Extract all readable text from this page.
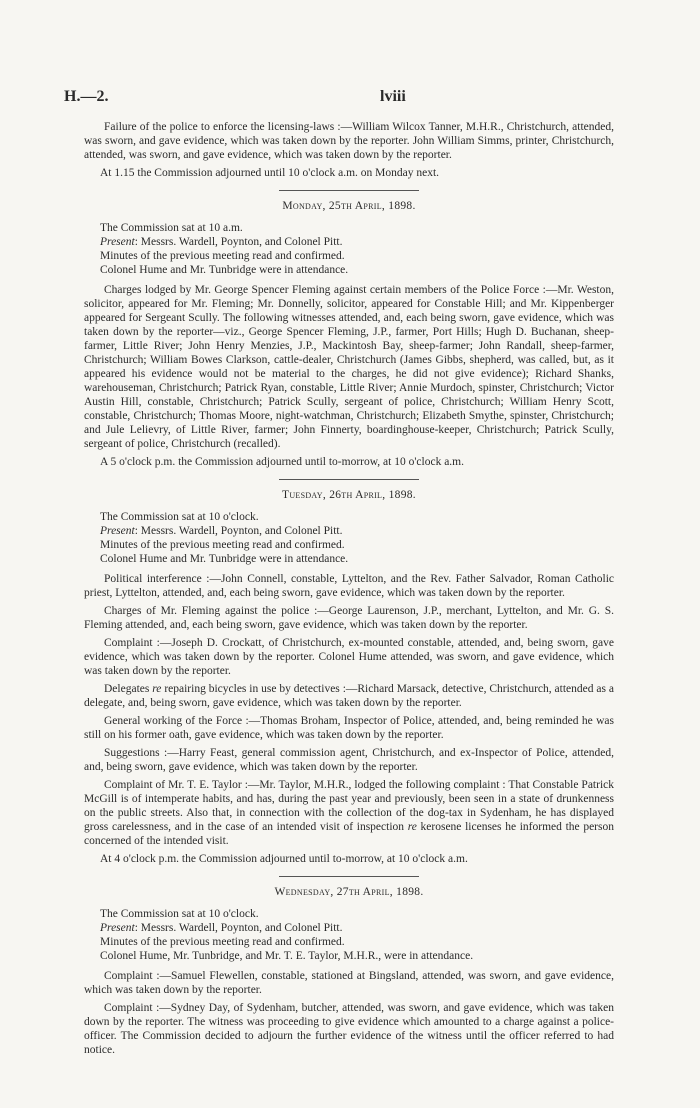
H.—2.	lviii

Failure of the police to enforce the licensing-laws :—William Wilcox Tanner, M.H.R., Christchurch, attended, was sworn, and gave evidence, which was taken down by the reporter. John William Simms, printer, Christchurch, attended, was sworn, and gave evidence, which was taken down by the reporter.

At 1.15 the Commission adjourned until 10 o'clock a.m. on Monday next.

Monday, 25th April, 1898.

The Commission sat at 10 a.m.

Present: Messrs. Wardell, Poynton, and Colonel Pitt.

Minutes of the previous meeting read and confirmed.

Colonel Hume and Mr. Tunbridge were in attendance.

Charges lodged by Mr. George Spencer Fleming against certain members of the Police Force :—Mr. Weston, solicitor, appeared for Mr. Fleming; Mr. Donnelly, solicitor, appeared for Constable Hill; and Mr. Kippenberger appeared for Sergeant Scully. The following witnesses attended, and, each being sworn, gave evidence, which was taken down by the reporter—viz., George Spencer Fleming, J.P., farmer, Port Hills; Hugh D. Buchanan, sheep-farmer, Little River; John Henry Menzies, J.P., Mackintosh Bay, sheep-farmer; John Randall, sheep-farmer, Christchurch; William Bowes Clarkson, cattle-dealer, Christchurch (James Gibbs, shepherd, was called, but, as it appeared his evidence would not be material to the charges, he did not give evidence); Richard Shanks, warehouseman, Christchurch; Patrick Ryan, constable, Little River; Annie Murdoch, spinster, Christchurch; Victor Austin Hill, constable, Christchurch; Patrick Scully, sergeant of police, Christchurch; William Henry Scott, constable, Christchurch; Thomas Moore, night-watchman, Christchurch; Elizabeth Smythe, spinster, Christchurch; and Jule Lelievry, of Little River, farmer; John Finnerty, boardinghouse-keeper, Christchurch; Patrick Scully, sergeant of police, Christchurch (recalled).

A 5 o'clock p.m. the Commission adjourned until to-morrow, at 10 o'clock a.m.

Tuesday, 26th April, 1898.

The Commission sat at 10 o'clock.

Present: Messrs. Wardell, Poynton, and Colonel Pitt.

Minutes of the previous meeting read and confirmed.

Colonel Hume and Mr. Tunbridge were in attendance.

Political interference :—John Connell, constable, Lyttelton, and the Rev. Father Salvador, Roman Catholic priest, Lyttelton, attended, and, each being sworn, gave evidence, which was taken down by the reporter.

Charges of Mr. Fleming against the police :—George Laurenson, J.P., merchant, Lyttelton, and Mr. G. S. Fleming attended, and, each being sworn, gave evidence, which was taken down by the reporter.

Complaint :—Joseph D. Crockatt, of Christchurch, ex-mounted constable, attended, and, being sworn, gave evidence, which was taken down by the reporter. Colonel Hume attended, was sworn, and gave evidence, which was taken down by the reporter.

Delegates re repairing bicycles in use by detectives :—Richard Marsack, detective, Christchurch, attended as a delegate, and, being sworn, gave evidence, which was taken down by the reporter.

General working of the Force :—Thomas Broham, Inspector of Police, attended, and, being reminded he was still on his former oath, gave evidence, which was taken down by the reporter.

Suggestions :—Harry Feast, general commission agent, Christchurch, and ex-Inspector of Police, attended, and, being sworn, gave evidence, which was taken down by the reporter.

Complaint of Mr. T. E. Taylor :—Mr. Taylor, M.H.R., lodged the following complaint : That Constable Patrick McGill is of intemperate habits, and has, during the past year and previously, been seen in a state of drunkenness on the public streets. Also that, in connection with the collection of the dog-tax in Sydenham, he has displayed gross carelessness, and in the case of an intended visit of inspection re kerosene licenses he informed the person concerned of the intended visit.

At 4 o'clock p.m. the Commission adjourned until to-morrow, at 10 o'clock a.m.

Wednesday, 27th April, 1898.

The Commission sat at 10 o'clock.

Present: Messrs. Wardell, Poynton, and Colonel Pitt.

Minutes of the previous meeting read and confirmed.

Colonel Hume, Mr. Tunbridge, and Mr. T. E. Taylor, M.H.R., were in attendance.

Complaint :—Samuel Flewellen, constable, stationed at Bingsland, attended, was sworn, and gave evidence, which was taken down by the reporter.

Complaint :—Sydney Day, of Sydenham, butcher, attended, was sworn, and gave evidence, which was taken down by the reporter. The witness was proceeding to give evidence which amounted to a charge against a police-officer. The Commission decided to adjourn the further evidence of the witness until the officer referred to had notice.
